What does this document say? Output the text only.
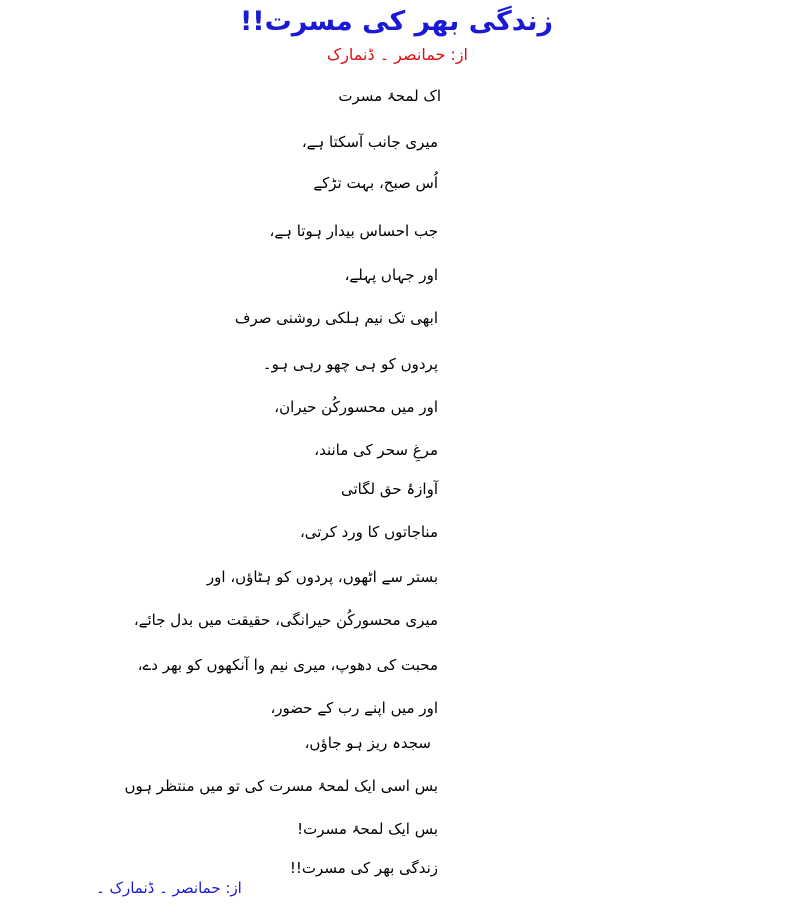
زندگی بھر کی مسرت!!
از: حمانصر ۔ ڈنمارک
اک لمحۂ مسرت
میری جانب آسکتا ہے،
اُس صبح، بہت تڑکے
جب احساس بیدار ہوتا ہے،
اور جہاں پہلے،
ابھی تک نیم ہلکی روشنی صرف
پردوں کو ہی چھو رہی ہو۔
اور میں محسورکُن حیران،
مرغِ سحر کی مانند،
آوازۂ حق لگاتی
مناجاتوں کا ورد کرتی،
بستر سے اٹھوں، پردوں کو ہٹاؤں، اور
میری محسورکُن حیرانگی، حقیقت میں بدل جائے،
محبت کی دھوپ، میری نیم وا آنکھوں کو بھر دے،
اور میں اپنے رب کے حضور،
سجدہ ریز ہو جاؤں،
بس اسی ایک لمحۂ مسرت کی تو میں منتظر ہوں
بس ایک لمحۂ مسرت!
زندگی بھر کی مسرت!!
از: حمانصر ۔ ڈنمارک ۔
